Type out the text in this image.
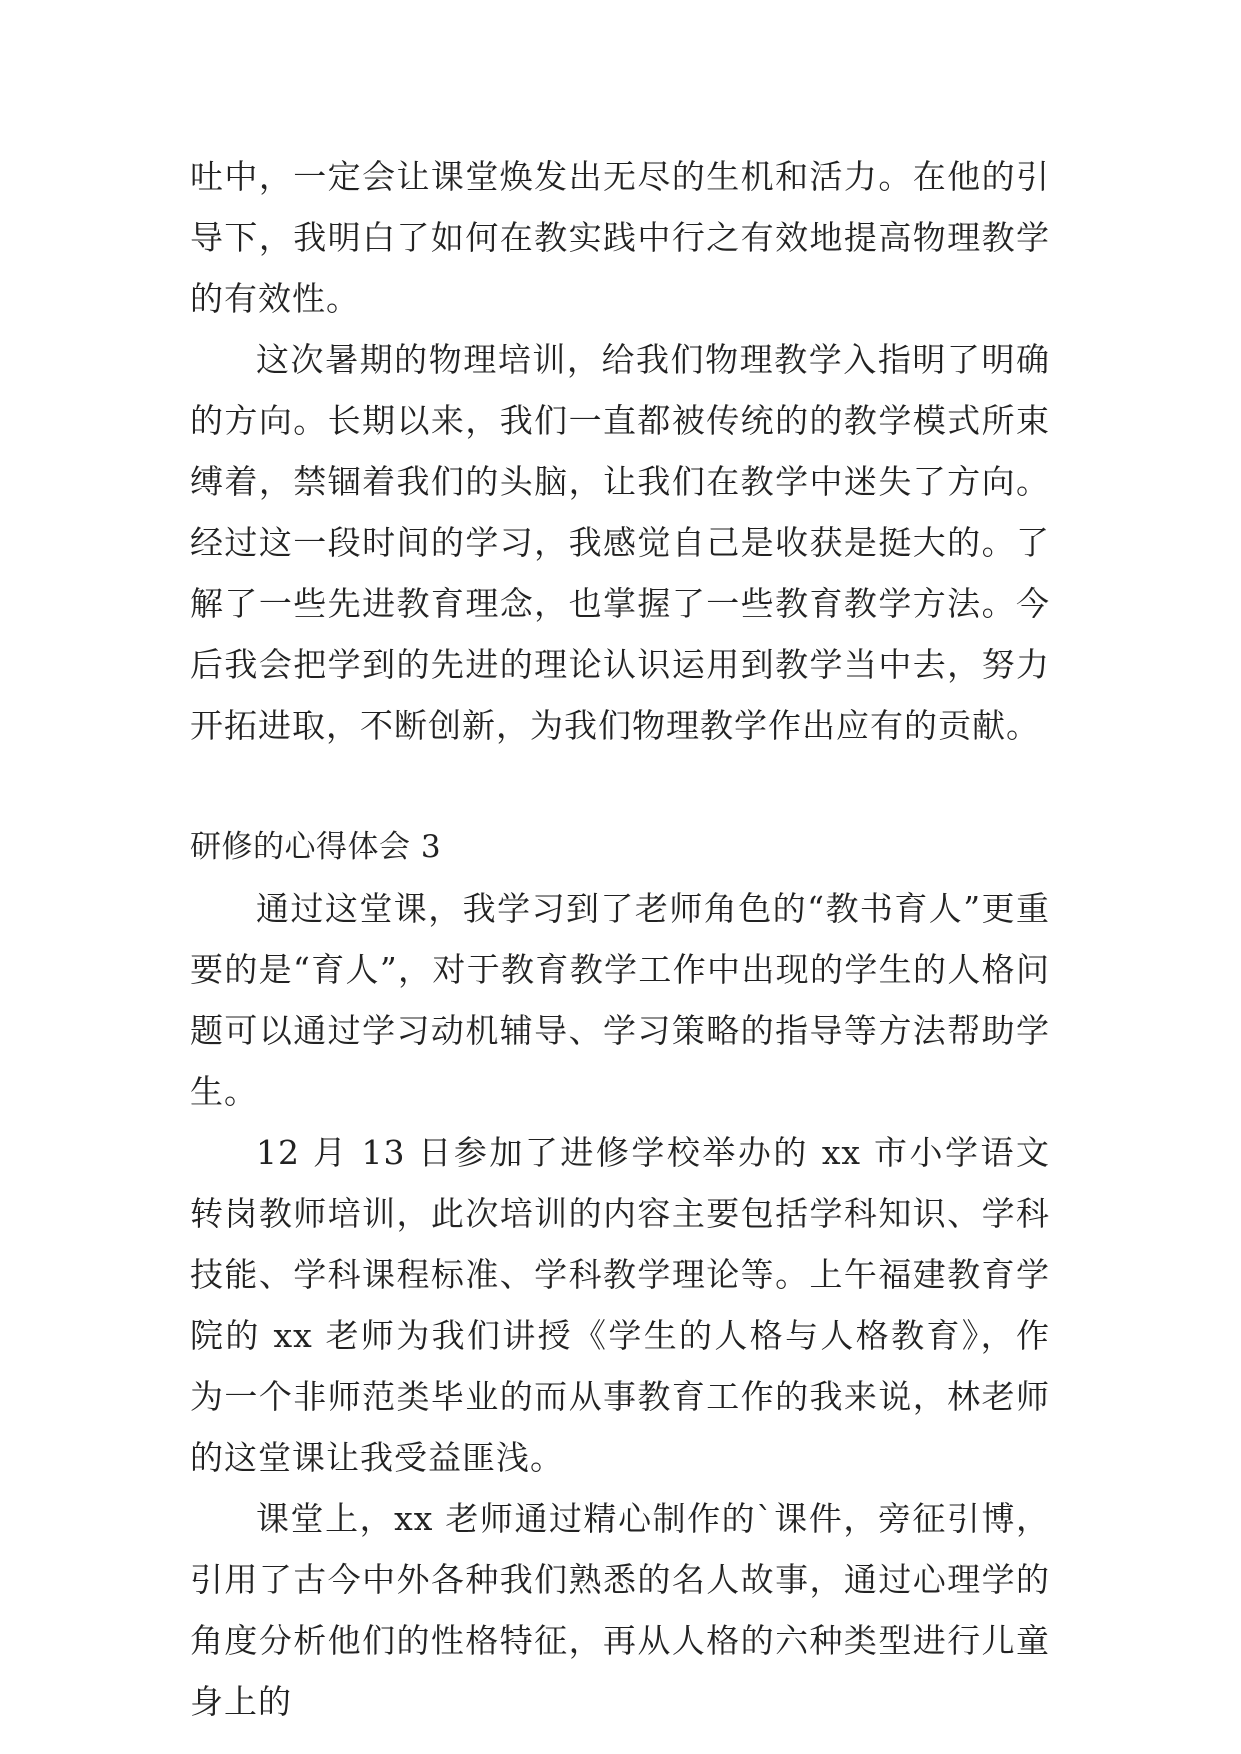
吐中，一定会让课堂焕发出无尽的生机和活力。在他的引导下，我明白了如何在教实践中行之有效地提高物理教学的有效性。

这次暑期的物理培训，给我们物理教学入指明了明确的方向。长期以来，我们一直都被传统的的教学模式所束缚着，禁锢着我们的头脑，让我们在教学中迷失了方向。经过这一段时间的学习，我感觉自己是收获是挺大的。了解了一些先进教育理念，也掌握了一些教育教学方法。今后我会把学到的先进的理论认识运用到教学当中去，努力开拓进取，不断创新，为我们物理教学作出应有的贡献。

研修的心得体会 3

通过这堂课，我学习到了老师角色的“教书育人”更重要的是“育人”，对于教育教学工作中出现的学生的人格问题可以通过学习动机辅导、学习策略的指导等方法帮助学生。

12 月 13 日参加了进修学校举办的 xx 市小学语文转岗教师培训，此次培训的内容主要包括学科知识、学科技能、学科课程标准、学科教学理论等。上午福建教育学院的 xx 老师为我们讲授《学生的人格与人格教育》，作为一个非师范类毕业的而从事教育工作的我来说，林老师的这堂课让我受益匪浅。

课堂上，xx 老师通过精心制作的`课件，旁征引博，引用了古今中外各种我们熟悉的名人故事，通过心理学的角度分析他们的性格特征，再从人格的六种类型进行儿童身上的
